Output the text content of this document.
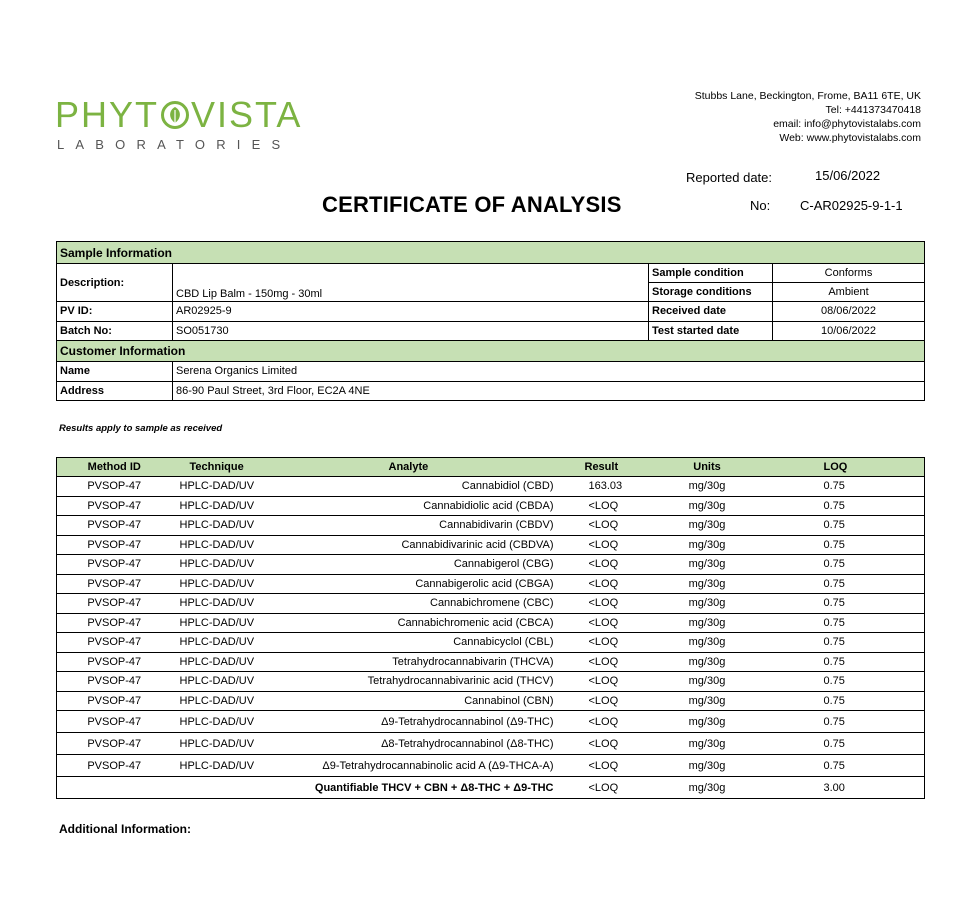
PHYT VISTA
LABORATORIES
Stubbs Lane, Beckington, Frome, BA11 6TE, UK
Tel: +441373470418
email: info@phytovistalabs.com
Web: www.phytovistalabs.com
Reported date:	15/06/2022
No: C-AR02925-9-1-1
CERTIFICATE OF ANALYSIS
Sample Information			
Description:	CBD Lip Balm - 150mg - 30ml	Sample condition	Conforms
		Storage conditions	Ambient
PV ID:	AR02925-9	Received date	08/06/2022
Batch No:	SO051730	Test started date	10/06/2022
Customer Information			
Name	Serena Organics Limited		
Address	86-90 Paul Street, 3rd Floor, EC2A 4NE		
Results apply to sample as received
Method ID	Technique	Analyte	Result	Units	LOQ
PVSOP-47	HPLC-DAD/UV	Cannabidiol (CBD)	163.03	mg/30g	0.75
PVSOP-47	HPLC-DAD/UV	Cannabidiolic acid (CBDA)	<LOQ	mg/30g	0.75
PVSOP-47	HPLC-DAD/UV	Cannabidivarin (CBDV)	<LOQ	mg/30g	0.75
PVSOP-47	HPLC-DAD/UV	Cannabidivarinic acid (CBDVA)	<LOQ	mg/30g	0.75
PVSOP-47	HPLC-DAD/UV	Cannabigerol (CBG)	<LOQ	mg/30g	0.75
PVSOP-47	HPLC-DAD/UV	Cannabigerolic acid (CBGA)	<LOQ	mg/30g	0.75
PVSOP-47	HPLC-DAD/UV	Cannabichromene (CBC)	<LOQ	mg/30g	0.75
PVSOP-47	HPLC-DAD/UV	Cannabichromenic acid (CBCA)	<LOQ	mg/30g	0.75
PVSOP-47	HPLC-DAD/UV	Cannabicyclol (CBL)	<LOQ	mg/30g	0.75
PVSOP-47	HPLC-DAD/UV	Tetrahydrocannabivarin (THCVA)	<LOQ	mg/30g	0.75
PVSOP-47	HPLC-DAD/UV	Tetrahydrocannabivarinic acid (THCV)	<LOQ	mg/30g	0.75
PVSOP-47	HPLC-DAD/UV	Cannabinol (CBN)	<LOQ	mg/30g	0.75
PVSOP-47	HPLC-DAD/UV	Δ9-Tetrahydrocannabinol (Δ9-THC)	<LOQ	mg/30g	0.75
PVSOP-47	HPLC-DAD/UV	Δ8-Tetrahydrocannabinol (Δ8-THC)	<LOQ	mg/30g	0.75
PVSOP-47	HPLC-DAD/UV	Δ9-Tetrahydrocannabinolic acid A (Δ9-THCA-A)	<LOQ	mg/30g	0.75
		Quantifiable THCV + CBN + Δ8-THC + Δ9-THC	<LOQ	mg/30g	3.00
Additional Information:
